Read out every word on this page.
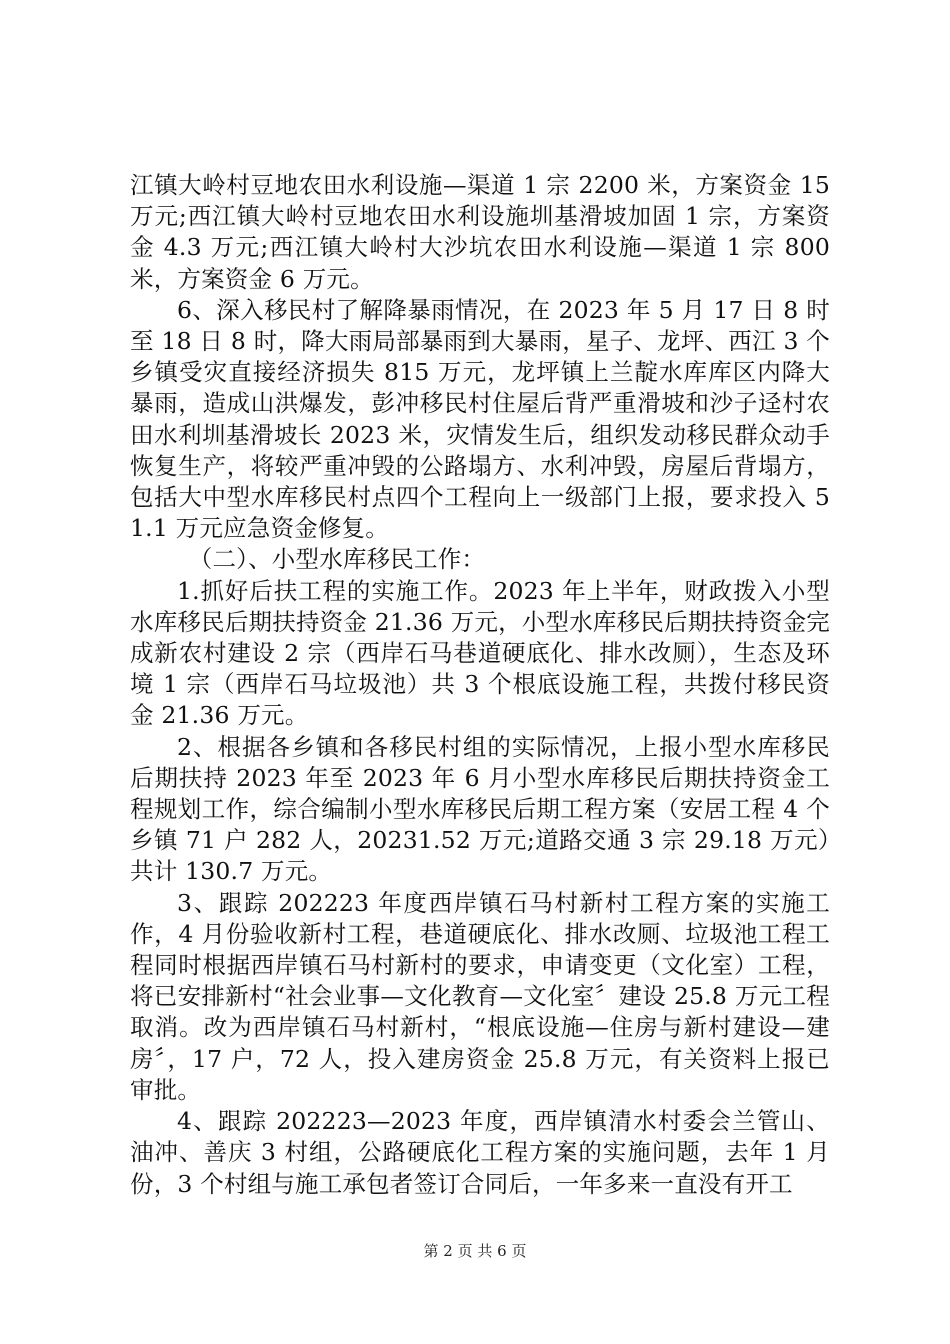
江镇大岭村豆地农田水利设施—渠道 1 宗 2200 米，方案资金 15 万元;西江镇大岭村豆地农田水利设施圳基滑坡加固 1 宗，方案资金 4.3 万元;西江镇大岭村大沙坑农田水利设施—渠道 1 宗 800 米，方案资金 6 万元。

6、深入移民村了解降暴雨情况，在 2023 年 5 月 17 日 8 时至 18 日 8 时，降大雨局部暴雨到大暴雨，星子、龙坪、西江 3 个乡镇受灾直接经济损失 815 万元，龙坪镇上兰靛水库库区内降大暴雨，造成山洪爆发，彭冲移民村住屋后背严重滑坡和沙子迳村农田水利圳基滑坡长 2023 米，灾情发生后，组织发动移民群众动手恢复生产，将较严重冲毁的公路塌方、水利冲毁，房屋后背塌方，包括大中型水库移民村点四个工程向上一级部门上报，要求投入 51.1 万元应急资金修复。

（二）、小型水库移民工作：

1.抓好后扶工程的实施工作。2023 年上半年，财政拨入小型水库移民后期扶持资金 21.36 万元，小型水库移民后期扶持资金完成新农村建设 2 宗（西岸石马巷道硬底化、排水改厕），生态及环境 1 宗（西岸石马垃圾池）共 3 个根底设施工程，共拨付移民资金 21.36 万元。

2、根据各乡镇和各移民村组的实际情况，上报小型水库移民后期扶持 2023 年至 2023 年 6 月小型水库移民后期扶持资金工程规划工作，综合编制小型水库移民后期工程方案（安居工程 4 个乡镇 71 户 282 人，20231.52 万元;道路交通 3 宗 29.18 万元）共计 130.7 万元。

3、跟踪 202223 年度西岸镇石马村新村工程方案的实施工作，4 月份验收新村工程，巷道硬底化、排水改厕、垃圾池工程工程同时根据西岸镇石马村新村的要求，申请变更（文化室）工程，将已安排新村“社会业事—文化教育—文化室〞建设 25.8 万元工程取消。改为西岸镇石马村新村，“根底设施—住房与新村建设—建房〞，17 户，72 人，投入建房资金 25.8 万元，有关资料上报已审批。

4、跟踪 202223—2023 年度，西岸镇清水村委会兰管山、油冲、善庆 3 村组，公路硬底化工程方案的实施问题，去年 1 月份，3 个村组与施工承包者签订合同后，一年多来一直没有开工

第 2 页 共 6 页
